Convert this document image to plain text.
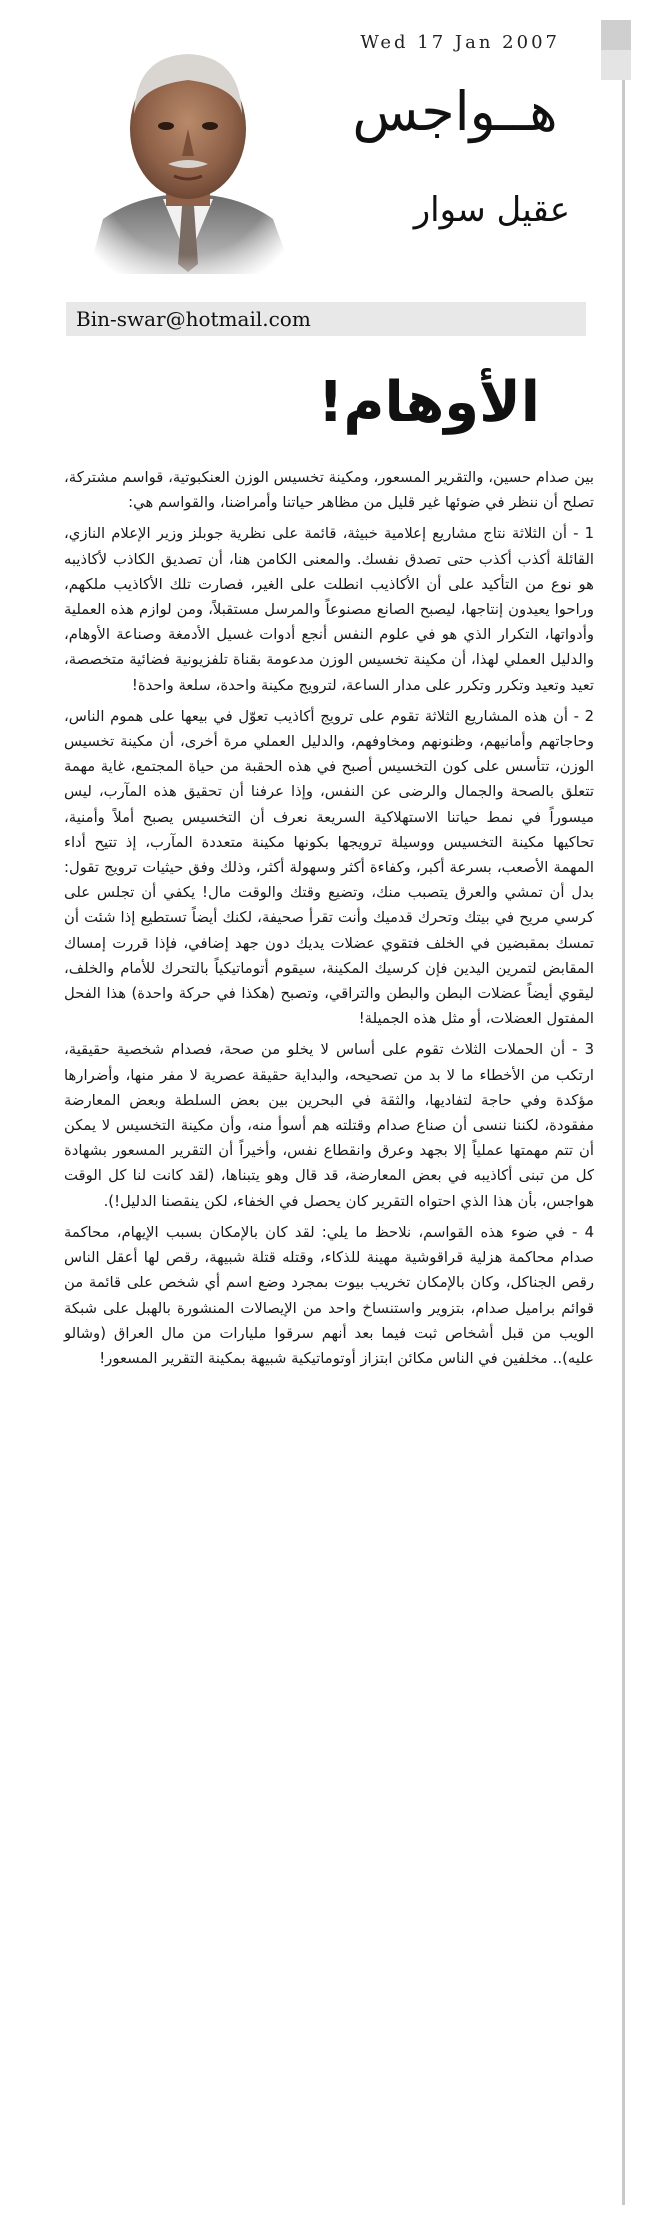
Wed 17 Jan 2007
هــواجس
عقيل سوار
Bin-swar@hotmail.com
الأوهام!

بين صدام حسين، والتقرير المسعور، ومكينة تخسيس الوزن العنكبوتية، قواسم مشتركة، تصلح أن ننظر في ضوئها غير قليل من مظاهر حياتنا وأمراضنا، والقواسم هي:

1 - أن الثلاثة نتاج مشاريع إعلامية خبيثة، قائمة على نظرية جوبلز وزير الإعلام النازي، القائلة أكذب أكذب حتى تصدق نفسك. والمعنى الكامن هنا، أن تصديق الكاذب لأكاذيبه هو نوع من التأكيد على أن الأكاذيب انطلت على الغير، فصارت تلك الأكاذيب ملكهم، وراحوا يعيدون إنتاجها، ليصبح الصانع مصنوعاً والمرسل مستقبلاً، ومن لوازم هذه العملية وأدواتها، التكرار الذي هو في علوم النفس أنجع أدوات غسيل الأدمغة وصناعة الأوهام، والدليل العملي لهذا، أن مكينة تخسيس الوزن مدعومة بقناة تلفزيونية فضائية متخصصة، تعيد وتعيد وتكرر وتكرر على مدار الساعة، لترويج مكينة واحدة، سلعة واحدة!

2 - أن هذه المشاريع الثلاثة تقوم على ترويج أكاذيب تعوّل في بيعها على هموم الناس، وحاجاتهم وأمانيهم، وظنونهم ومخاوفهم، والدليل العملي مرة أخرى، أن مكينة تخسيس الوزن، تتأسس على كون التخسيس أصبح في هذه الحقبة من حياة المجتمع، غاية مهمة تتعلق بالصحة والجمال والرضى عن النفس، وإذا عرفنا أن تحقيق هذه المآرب، ليس ميسوراً في نمط حياتنا الاستهلاكية السريعة نعرف أن التخسيس يصبح أملاً وأمنية، تحاكيها مكينة التخسيس ووسيلة ترويجها بكونها مكينة متعددة المآرب، إذ تتيح أداء المهمة الأصعب، بسرعة أكبر، وكفاءة أكثر وسهولة أكثر، وذلك وفق حيثيات ترويج تقول: بدل أن تمشي والعرق يتصبب منك، وتضيع وقتك والوقت مال! يكفي أن تجلس على كرسي مريح في بيتك وتحرك قدميك وأنت تقرأ صحيفة، لكنك أيضاً تستطيع إذا شئت أن تمسك بمقبضين في الخلف فتقوي عضلات يديك دون جهد إضافي، فإذا قررت إمساك المقابض لتمرين اليدين فإن كرسيك المكينة، سيقوم أتوماتيكياً بالتحرك للأمام والخلف، ليقوي أيضاً عضلات البطن والبطن والتراقي، وتصبح (هكذا في حركة واحدة) هذا الفحل المفتول العضلات، أو مثل هذه الجميلة!

3 - أن الحملات الثلاث تقوم على أساس لا يخلو من صحة، فصدام شخصية حقيقية، ارتكب من الأخطاء ما لا بد من تصحيحه، والبداية حقيقة عصرية لا مفر منها، وأضرارها مؤكدة وفي حاجة لتفاديها، والثقة في البحرين بين بعض السلطة وبعض المعارضة مفقودة، لكننا ننسى أن صناع صدام وقتلته هم أسوأ منه، وأن مكينة التخسيس لا يمكن أن تتم مهمتها عملياً إلا بجهد وعرق وانقطاع نفس، وأخيراً أن التقرير المسعور بشهادة كل من تبنى أكاذيبه في بعض المعارضة، قد قال وهو يتبناها، (لقد كانت لنا كل الوقت هواجس، بأن هذا الذي احتواه التقرير كان يحصل في الخفاء، لكن ينقصنا الدليل!).

4 - في ضوء هذه القواسم، نلاحظ ما يلي: لقد كان بالإمكان بسبب الإيهام، محاكمة صدام محاكمة هزلية قراقوشية مهينة للذكاء، وقتله قتلة شبيهة، رقص لها أعقل الناس رقص الجناكل، وكان بالإمكان تخريب بيوت بمجرد وضع اسم أي شخص على قائمة من قوائم براميل صدام، بتزوير واستنساخ واحد من الإيصالات المنشورة بالهبل على شبكة الويب من قبل أشخاص ثبت فيما بعد أنهم سرقوا مليارات من مال العراق (وشالو عليه).. مخلفين في الناس مكائن ابتزاز أوتوماتيكية شبيهة بمكينة التقرير المسعور!
